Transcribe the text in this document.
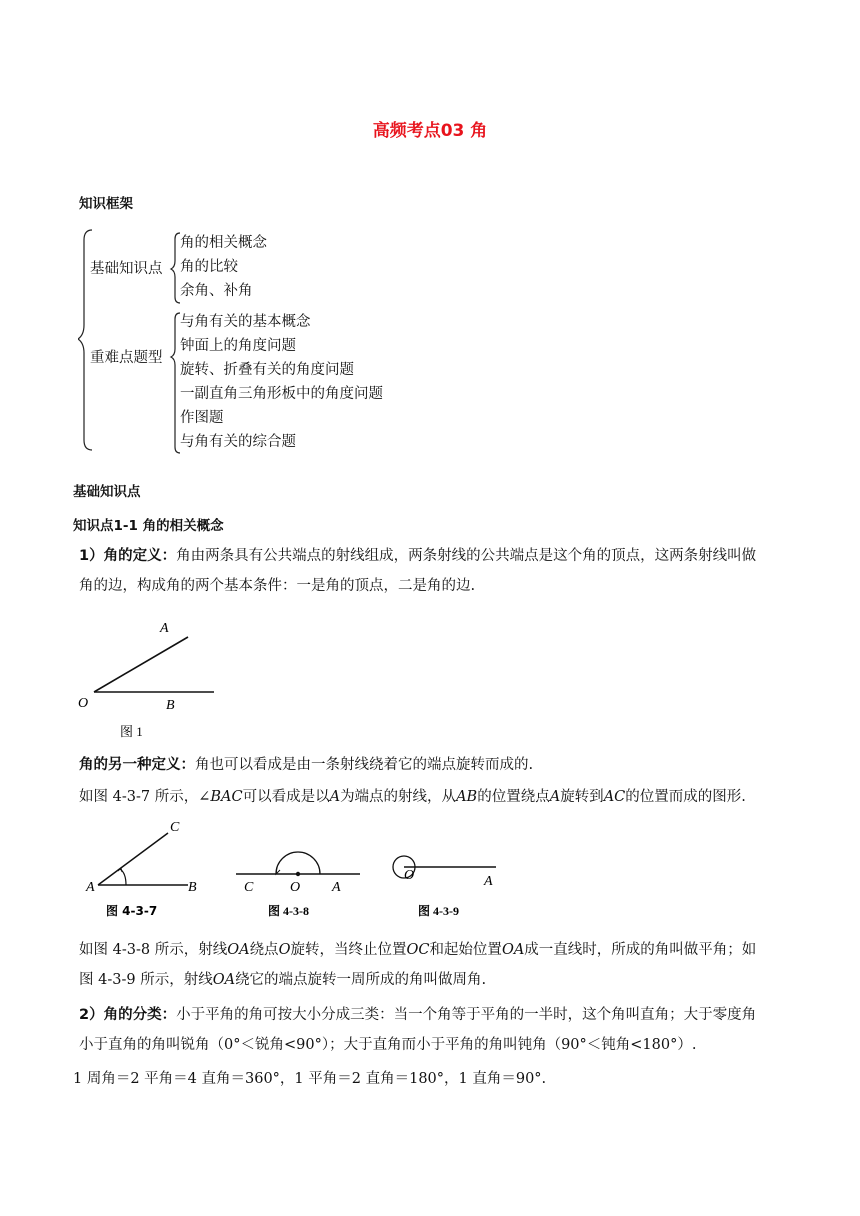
高频考点03 角
知识框架
基础知识点
角的相关概念
角的比较
余角、补角
重难点题型
与角有关的基本概念
钟面上的角度问题
旋转、折叠有关的角度问题
一副直角三角形板中的角度问题
作图题
与角有关的综合题
基础知识点
知识点1-1 角的相关概念
1）角的定义：角由两条具有公共端点的射线组成，两条射线的公共端点是这个角的顶点，这两条射线叫做
角的边，构成角的两个基本条件：一是角的顶点，二是角的边.
A
O	B
图 1
角的另一种定义：角也可以看成是由一条射线绕着它的端点旋转而成的.
如图 4-3-7 所示，∠BAC可以看成是以A为端点的射线，从AB的位置绕点A旋转到AC的位置而成的图形.
C
A	B
图 4-3-7
C	O A
图 4-3-8
O	A
图 4-3-9
如图 4-3-8 所示，射线OA绕点O旋转，当终止位置OC和起始位置OA成一直线时，所成的角叫做平角；如
图 4-3-9 所示，射线OA绕它的端点旋转一周所成的角叫做周角.
2）角的分类：小于平角的角可按大小分成三类：当一个角等于平角的一半时，这个角叫直角；大于零度角
小于直角的角叫锐角（0°＜锐角<90°）；大于直角而小于平角的角叫钝角（90°＜钝角<180°）.
1 周角＝2 平角＝4 直角＝360°，1 平角＝2 直角＝180°，1 直角＝90°.
